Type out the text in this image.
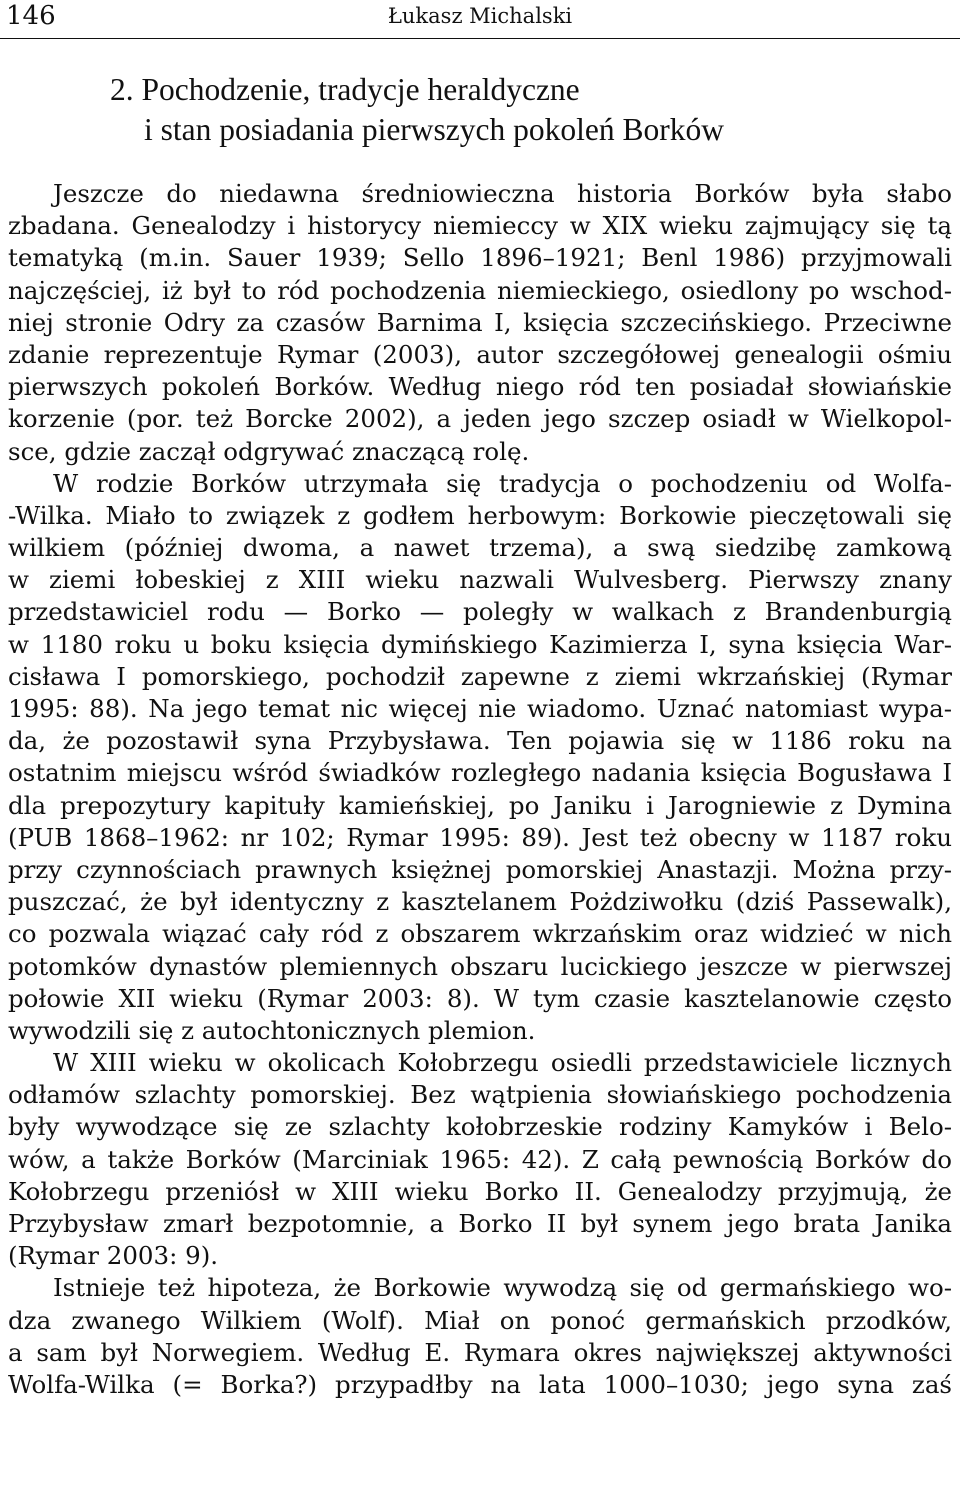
146	Łukasz Michalski
2. Pochodzenie, tradycje heraldyczne
i stan posiadania pierwszych pokoleń Borków
Jeszcze do niedawna średniowieczna historia Borków była słabo
zbadana. Genealodzy i historycy niemieccy w XIX wieku zajmujący się tą
tematyką (m.in. Sauer 1939; Sello 1896–1921; Benl 1986) przyjmowali
najczęściej, iż był to ród pochodzenia niemieckiego, osiedlony po wschod-
niej stronie Odry za czasów Barnima I, księcia szczecińskiego. Przeciwne
zdanie reprezentuje Rymar (2003), autor szczegółowej genealogii ośmiu
pierwszych pokoleń Borków. Według niego ród ten posiadał słowiańskie
korzenie (por. też Borcke 2002), a jeden jego szczep osiadł w Wielkopol-
sce, gdzie zaczął odgrywać znaczącą rolę.
W rodzie Borków utrzymała się tradycja o pochodzeniu od Wolfa-
-Wilka. Miało to związek z godłem herbowym: Borkowie pieczętowali się
wilkiem (później dwoma, a nawet trzema), a swą siedzibę zamkową
w ziemi łobeskiej z XIII wieku nazwali Wulvesberg. Pierwszy znany
przedstawiciel rodu — Borko — poległy w walkach z Brandenburgią
w 1180 roku u boku księcia dymińskiego Kazimierza I, syna księcia War-
cisława I pomorskiego, pochodził zapewne z ziemi wkrzańskiej (Rymar
1995: 88). Na jego temat nic więcej nie wiadomo. Uznać natomiast wypa-
da, że pozostawił syna Przybysława. Ten pojawia się w 1186 roku na
ostatnim miejscu wśród świadków rozległego nadania księcia Bogusława I
dla prepozytury kapituły kamieńskiej, po Janiku i Jarogniewie z Dymina
(PUB 1868–1962: nr 102; Rymar 1995: 89). Jest też obecny w 1187 roku
przy czynnościach prawnych księżnej pomorskiej Anastazji. Można przy-
puszczać, że był identyczny z kasztelanem Pożdziwołku (dziś Passewalk),
co pozwala wiązać cały ród z obszarem wkrzańskim oraz widzieć w nich
potomków dynastów plemiennych obszaru lucickiego jeszcze w pierwszej
połowie XII wieku (Rymar 2003: 8). W tym czasie kasztelanowie często
wywodzili się z autochtonicznych plemion.
W XIII wieku w okolicach Kołobrzegu osiedli przedstawiciele licznych
odłamów szlachty pomorskiej. Bez wątpienia słowiańskiego pochodzenia
były wywodzące się ze szlachty kołobrzeskie rodziny Kamyków i Belo-
wów, a także Borków (Marciniak 1965: 42). Z całą pewnością Borków do
Kołobrzegu przeniósł w XIII wieku Borko II. Genealodzy przyjmują, że
Przybysław zmarł bezpotomnie, a Borko II był synem jego brata Janika
(Rymar 2003: 9).
Istnieje też hipoteza, że Borkowie wywodzą się od germańskiego wo-
dza zwanego Wilkiem (Wolf). Miał on ponoć germańskich przodków,
a sam był Norwegiem. Według E. Rymara okres największej aktywności
Wolfa-Wilka (= Borka?) przypadłby na lata 1000–1030; jego syna zaś
